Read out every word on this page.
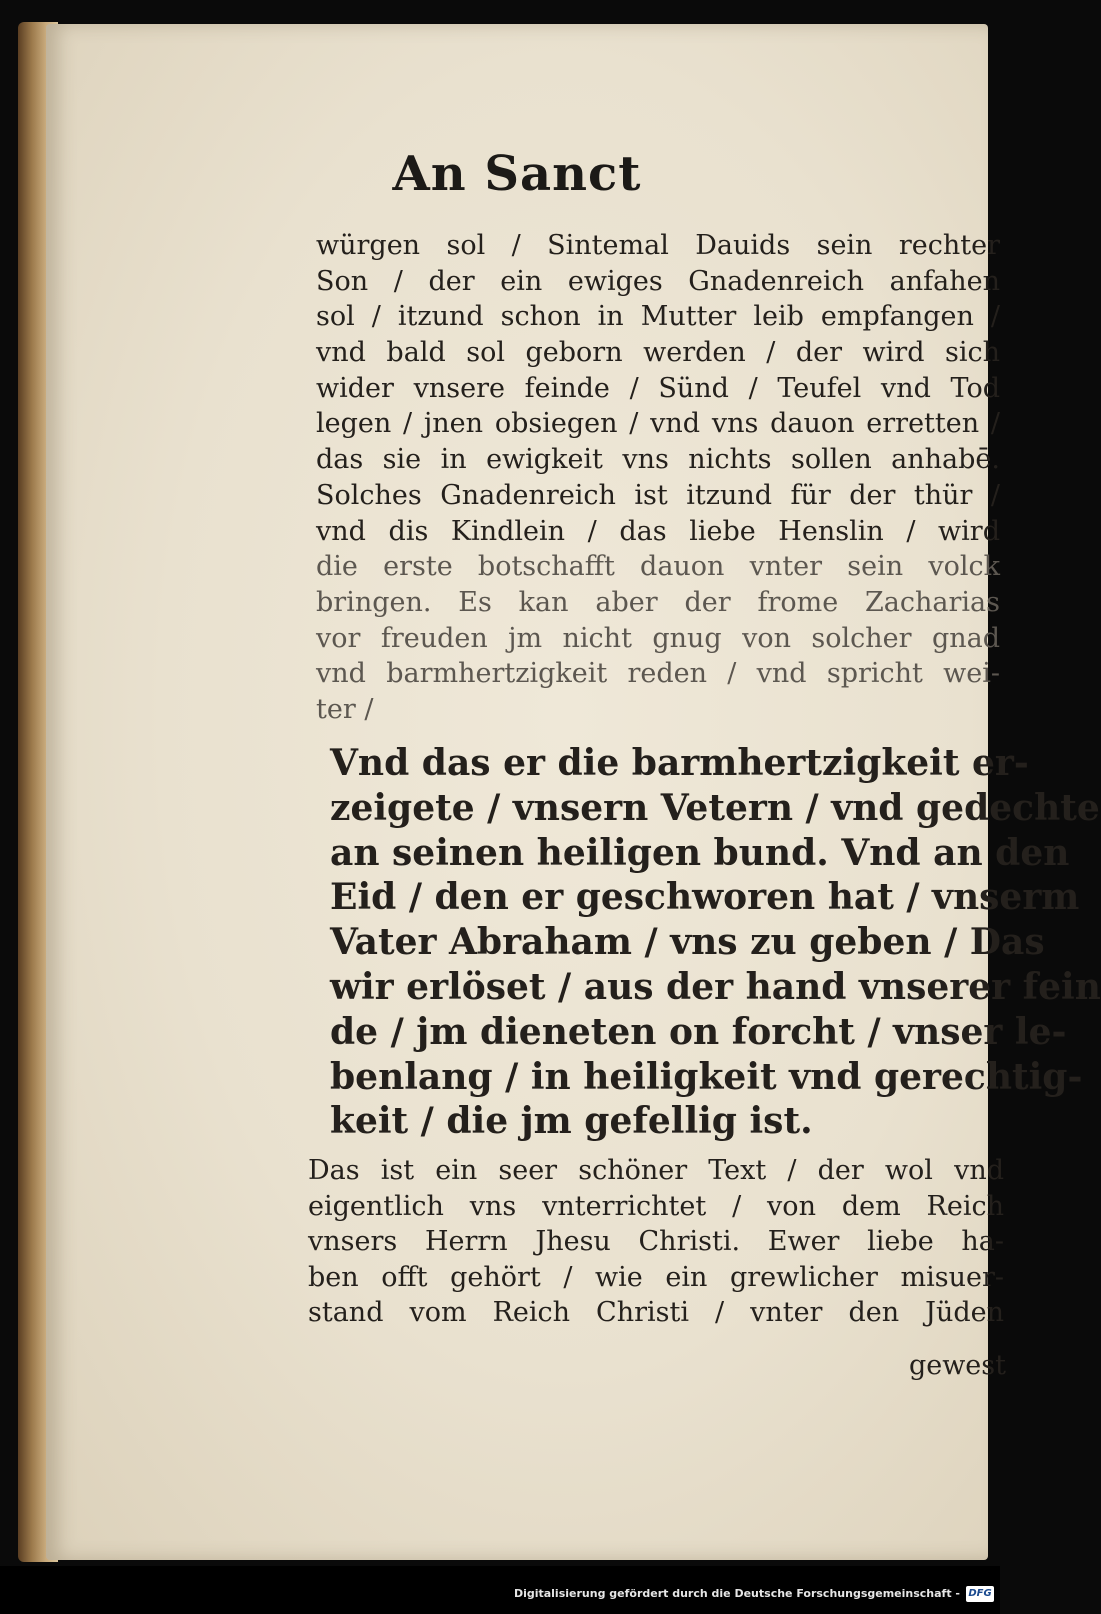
An Sanct
würgen sol / Sintemal Dauids sein rechter
Son / der ein ewiges Gnadenreich anfahen
sol / itzund schon in Mutter leib empfangen /
vnd bald sol geborn werden / der wird sich
wider vnsere feinde / Sünd / Teufel vnd Tod
legen / jnen obsiegen / vnd vns dauon erretten /
das sie in ewigkeit vns nichts sollen anhabē.
Solches Gnadenreich ist itzund für der thür /
vnd dis Kindlein / das liebe Henslin / wird
die erste botschafft dauon vnter sein volck
bringen. Es kan aber der frome Zacharias
vor freuden jm nicht gnug von solcher gnad
vnd barmhertzigkeit reden / vnd spricht wei-
ter /
Vnd das er die barmhertzigkeit er-
zeigete / vnsern Vetern / vnd gedechte
an seinen heiligen bund. Vnd an den
Eid / den er geschworen hat / vnserm
Vater Abraham / vns zu geben / Das
wir erlöset / aus der hand vnserer fein
de / jm dieneten on forcht / vnser le-
benlang / in heiligkeit vnd gerechtig-
keit / die jm gefellig ist.
Das ist ein seer schöner Text / der wol vnd
eigentlich vns vnterrichtet / von dem Reich
vnsers Herrn Jhesu Christi. Ewer liebe ha-
ben offt gehört / wie ein grewlicher misuer-
stand vom Reich Christi / vnter den Jüden
gewest
Digitalisierung gefördert durch die Deutsche Forschungsgemeinschaft - DFG
